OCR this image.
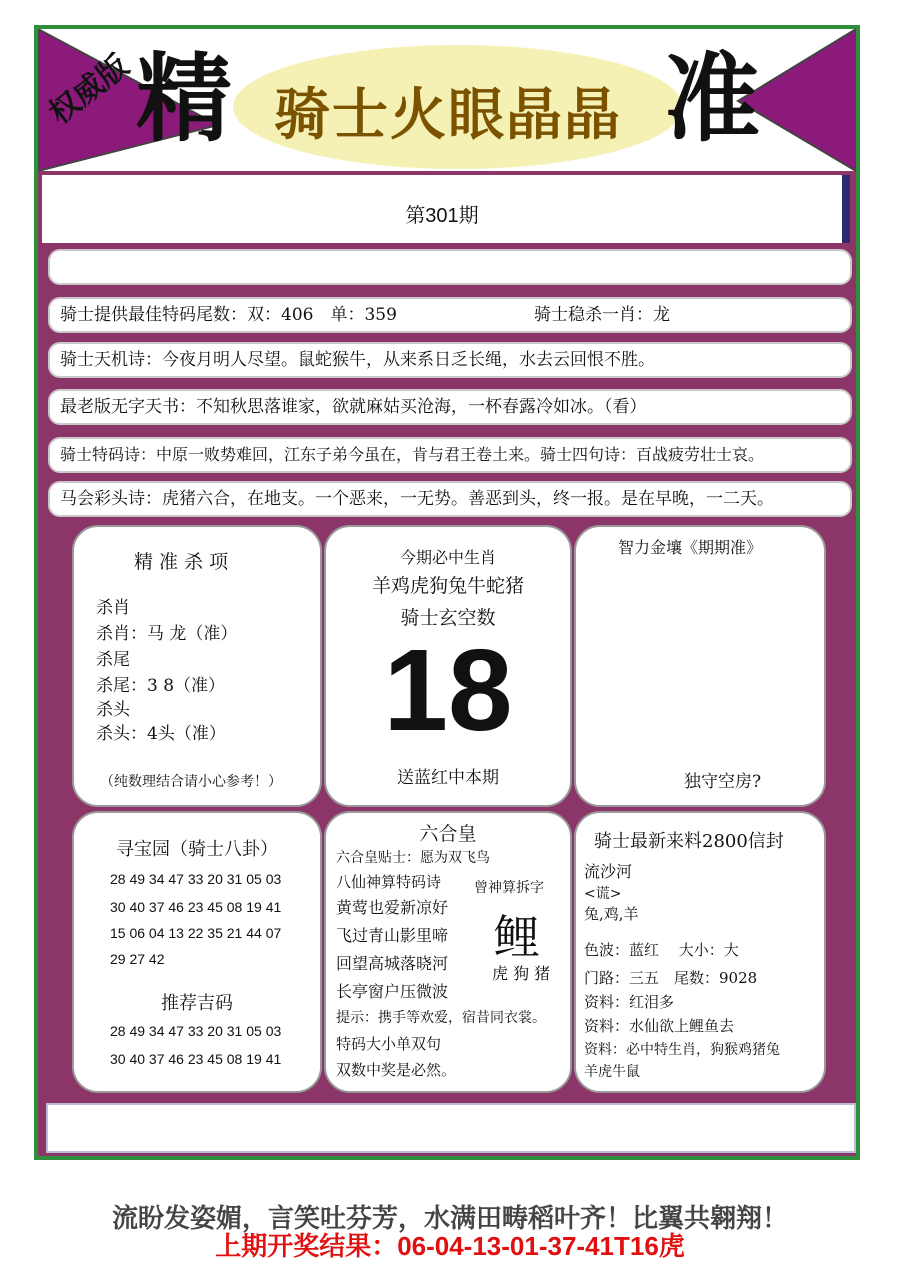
权威版 精 骑士火眼晶晶 准
第301期
骑士提供最佳特码尾数：双：406　单：359	骑士稳杀一肖：龙
骑士天机诗：今夜月明人尽望。鼠蛇猴牛，从来系日乏长绳，水去云回恨不胜。
最老版无字天书：不知秋思落谁家，欲就麻姑买沧海，一杯春露冷如冰。（看）
骑士特码诗：中原一败势难回，江东子弟今虽在，肯与君王卷土来。骑士四句诗：百战疲劳壮士哀。
马会彩头诗：虎猪六合，在地支。一个恶来，一无势。善恶到头，终一报。是在早晚，一二天。
精 准 杀 项
杀肖
杀肖：马 龙（准）
杀尾
杀尾：3 8（准）
杀头
杀头：4头（准）
（纯数理结合请小心参考！）
今期必中生肖
羊鸡虎狗兔牛蛇猪
骑士玄空数
18
送蓝红中本期
智力金壤《期期准》
独守空房?
寻宝园（骑士八卦）
28 49 34 47 33 20 31 05 03
30 40 37 46 23 45 08 19 41
15 06 04 13 22 35 21 44 07
29 27 42
推荐吉码
28 49 34 47 33 20 31 05 03
30 40 37 46 23 45 08 19 41
六合皇
六合皇贴士：愿为双飞鸟
八仙神算特码诗
黄莺也爱新凉好
飞过青山影里啼
回望高城落晓河
长亭窗户压微波
曾神算拆字
鲤
虎 狗 猪
提示：携手等欢爱，宿昔同衣裳。
特码大小单双句
双数中奖是必然。
骑士最新来料2800信封
流沙河
<谎>
兔,鸡,羊
色波：蓝红　 大小：大
门路：三五　尾数：9028
资料：红泪多
资料：水仙欲上鲤鱼去
资料：必中特生肖，狗猴鸡猪兔
羊虎牛鼠
流盼发姿媚，言笑吐芬芳，水满田畴稻叶齐！比翼共翱翔！
上期开奖结果：06-04-13-01-37-41T16虎
